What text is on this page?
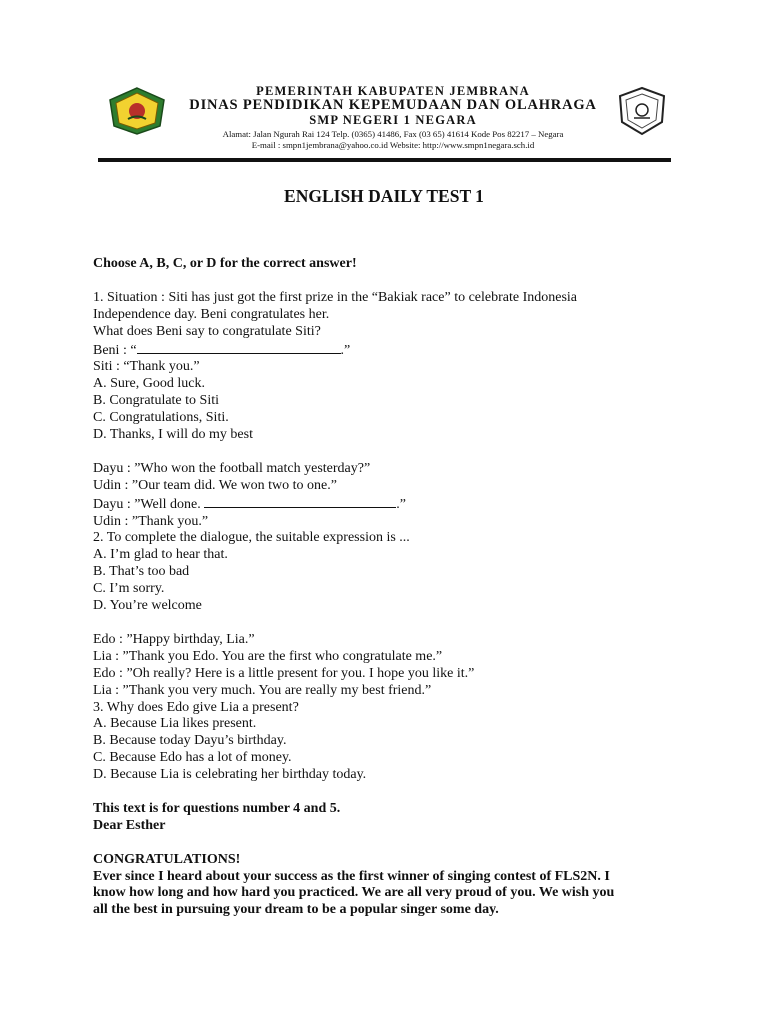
PEMERINTAH KABUPATEN JEMBRANA
DINAS PENDIDIKAN KEPEMUDAAN DAN OLAHRAGA
SMP NEGERI 1 NEGARA
Alamat: Jalan Ngurah Rai 124 Telp. (0365) 41486, Fax (03 65) 41614 Kode Pos 82217 – Negara
E-mail : smpn1jembrana@yahoo.co.id Website: http://www.smpn1negara.sch.id
ENGLISH DAILY TEST 1
Choose A, B, C, or D for the correct answer!
1. Situation : Siti has just got the first prize in the “Bakiak race” to celebrate Indonesia
Independence day. Beni congratulates her.
What does Beni say to congratulate Siti?
Beni : “	.”
Siti : “Thank you.”
A. Sure, Good luck.
B. Congratulate to Siti
C. Congratulations, Siti.
D. Thanks, I will do my best
Dayu : ”Who won the football match yesterday?”
Udin : ”Our team did. We won two to one.”
Dayu : ”Well done.	.”
Udin : ”Thank you.”
2. To complete the dialogue, the suitable expression is ...
A. I’m glad to hear that.
B. That’s too bad
C. I’m sorry.
D. You’re welcome
Edo : ”Happy birthday, Lia.”
Lia : ”Thank you Edo. You are the first who congratulate me.”
Edo : ”Oh really? Here is a little present for you. I hope you like it.”
Lia : ”Thank you very much. You are really my best friend.”
3. Why does Edo give Lia a present?
A. Because Lia likes present.
B. Because today Dayu’s birthday.
C. Because Edo has a lot of money.
D. Because Lia is celebrating her birthday today.
This text is for questions number 4 and 5.
Dear Esther
CONGRATULATIONS!
Ever since I heard about your success as the first winner of singing contest of FLS2N. I
know how long and how hard you practiced. We are all very proud of you. We wish you
all the best in pursuing your dream to be a popular singer some day.
